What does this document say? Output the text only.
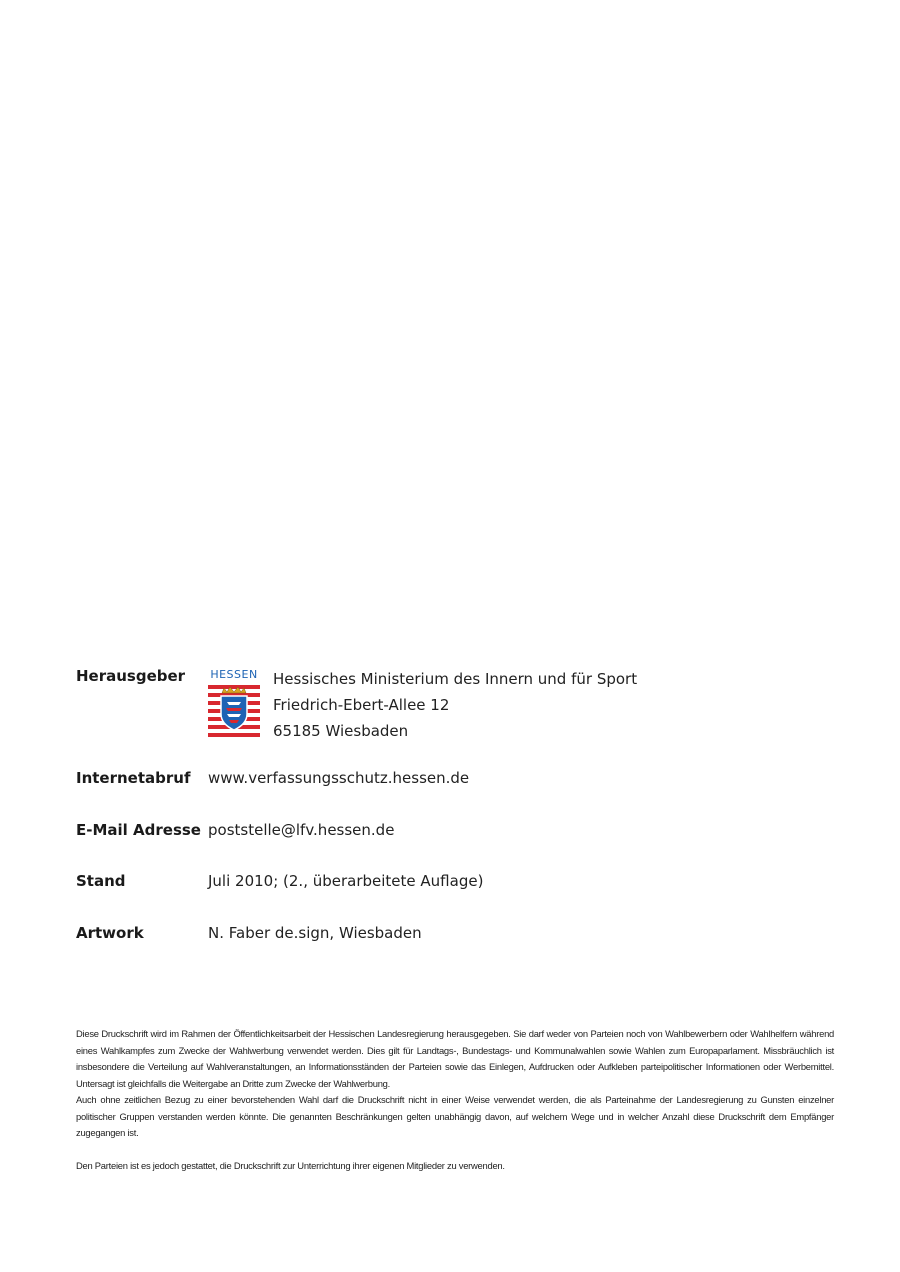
Herausgeber HESSEN Hessisches Ministerium des Innern und für Sport
Friedrich-Ebert-Allee 12
65185 Wiesbaden
Internetabruf www.verfassungsschutz.hessen.de
E-Mail Adresse poststelle@lfv.hessen.de
Stand	Juli 2010; (2., überarbeitete Auflage)
Artwork	N. Faber de.sign, Wiesbaden

Diese Druckschrift wird im Rahmen der Öffentlichkeitsarbeit der Hessischen Landesregierung herausgegeben. Sie darf weder von Parteien noch von Wahlbewerbern oder Wahlhelfern während eines Wahlkampfes zum Zwecke der Wahlwerbung verwendet werden. Dies gilt für Landtags-, Bundestags- und Kommunalwahlen sowie Wahlen zum Europaparlament. Missbräuchlich ist insbesondere die Verteilung auf Wahlveranstaltungen, an Informationsständen der Parteien sowie das Einlegen, Aufdrucken oder Aufkleben parteipolitischer Informationen oder Werbemittel. Untersagt ist gleichfalls die Weitergabe an Dritte zum Zwecke der Wahlwerbung.

Auch ohne zeitlichen Bezug zu einer bevorstehenden Wahl darf die Druckschrift nicht in einer Weise verwendet werden, die als Parteinahme der Landesregierung zu Gunsten einzelner politischer Gruppen verstanden werden könnte. Die genannten Beschränkungen gelten unabhängig davon, auf welchem Wege und in welcher Anzahl diese Druckschrift dem Empfänger zugegangen ist.

Den Parteien ist es jedoch gestattet, die Druckschrift zur Unterrichtung ihrer eigenen Mitglieder zu verwenden.
